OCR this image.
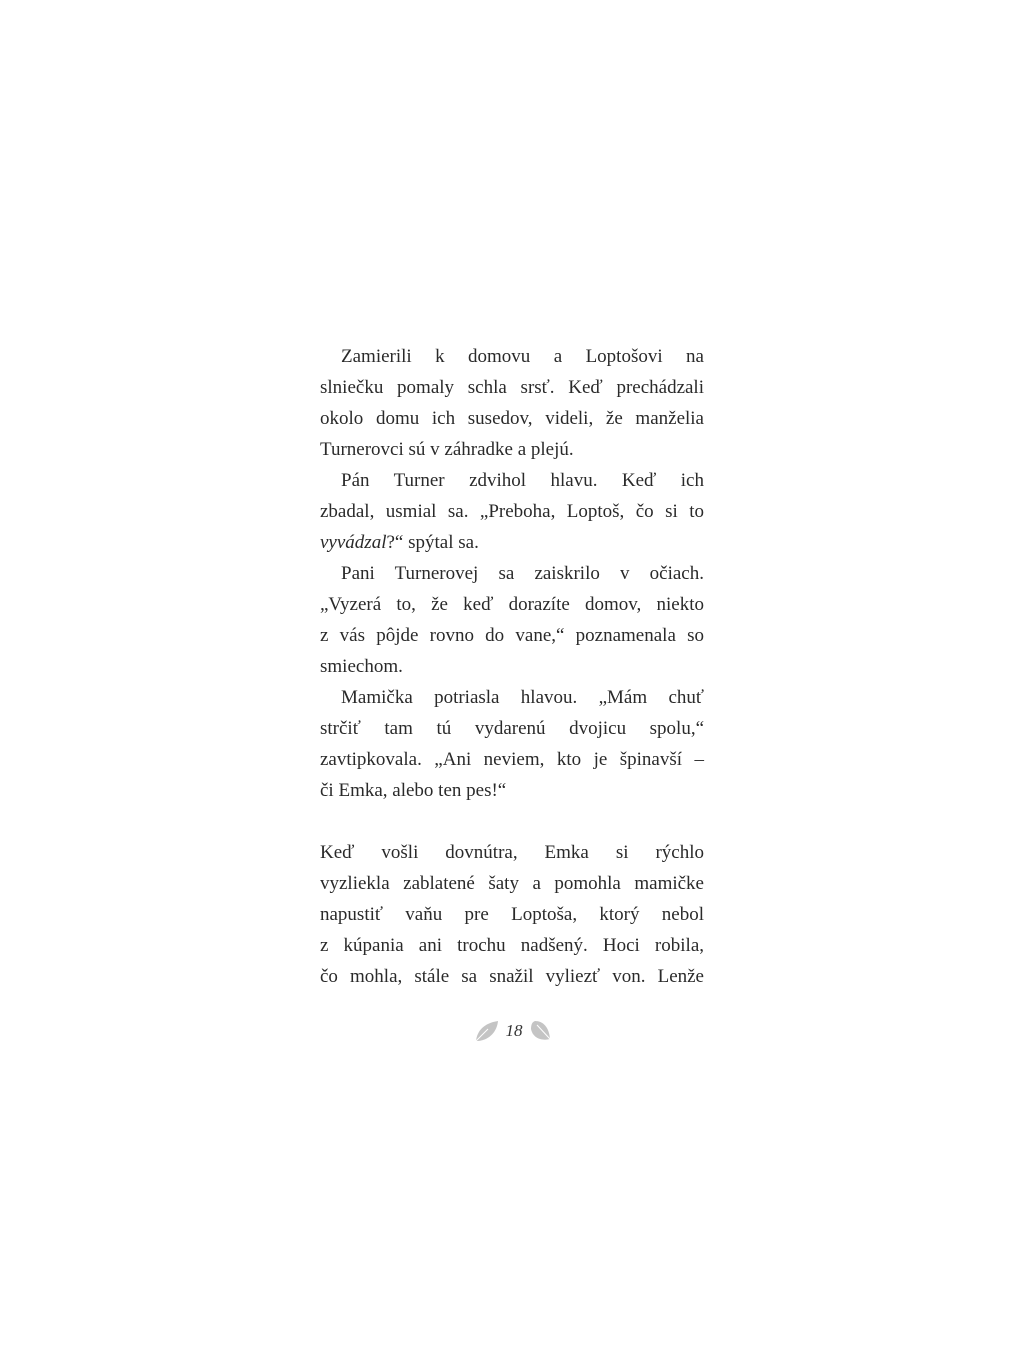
Zamierili k domovu a Loptošovi na
slniečku pomaly schla srsť. Keď prechádzali
okolo domu ich susedov, videli, že manželia
Turnerovci sú v záhradke a plejú.
Pán Turner zdvihol hlavu. Keď ich
zbadal, usmial sa. „Preboha, Loptoš, čo si to
vyvádzal?“ spýtal sa.
Pani Turnerovej sa zaiskrilo v očiach.
„Vyzerá to, že keď dorazíte domov, niekto
z vás pôjde rovno do vane,“ poznamenala so
smiechom.
Mamička potriasla hlavou. „Mám chuť
strčiť tam tú vydarenú dvojicu spolu,“
zavtipkovala. „Ani neviem, kto je špinavší –
či Emka, alebo ten pes!“
Keď vošli dovnútra, Emka si rýchlo
vyzliekla zablatené šaty a pomohla mamičke
napustiť vaňu pre Loptoša, ktorý nebol
z kúpania ani trochu nadšený. Hoci robila,
čo mohla, stále sa snažil vyliezť von. Lenže
18
